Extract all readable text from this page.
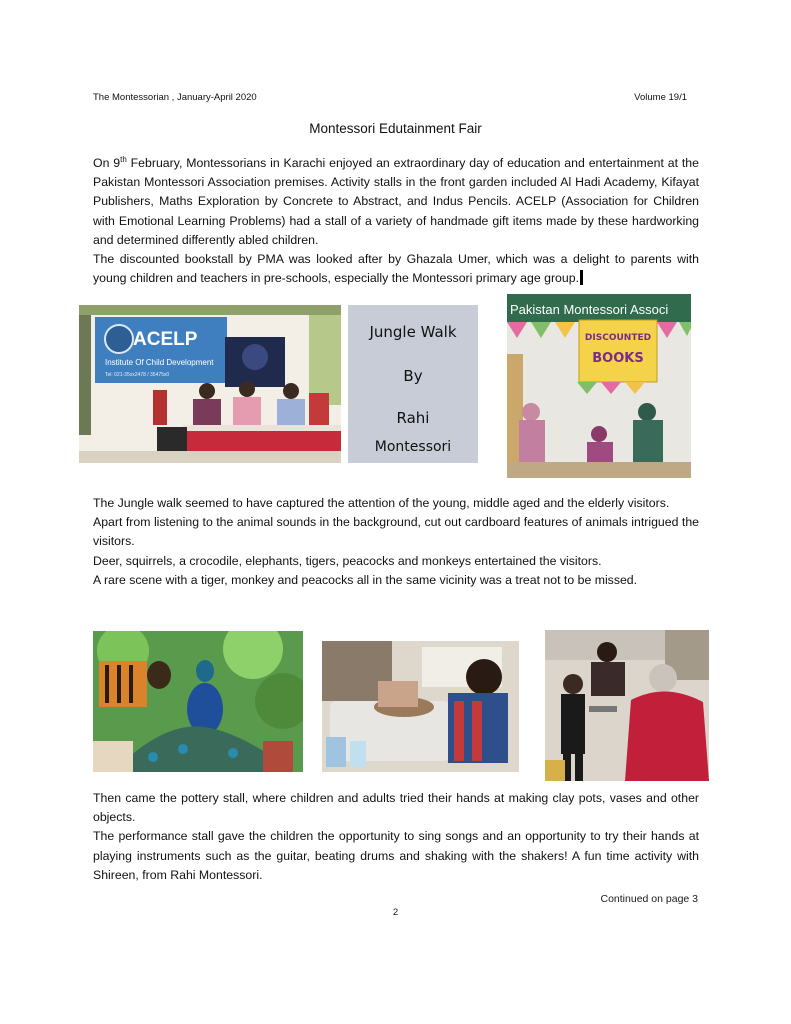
The Montessorian , January-April 2020	Volume 19/1
Montessori Edutainment Fair

On 9th February, Montessorians in Karachi enjoyed an extraordinary day of education and entertainment at the Pakistan Montessori Association premises. Activity stalls in the front garden included Al Hadi Academy, Kifayat Publishers, Maths Exploration by Concrete to Abstract, and Indus Pencils. ACELP (Association for Children with Emotional Learning Problems) had a stall of a variety of handmade gift items made by these hardworking and determined differently abled children.

The discounted bookstall by PMA was looked after by Ghazala Umer, which was a delight to parents with young children and teachers in pre-schools, especially the Montessori primary age group.

ACELP
Institute Of Child Development
Tel: 021-35xx2478 / 35475x0
Jungle Walk
By
Rahi
Montessori
Pakistan Montessori Associ
DISCOUNTED
BOOKS

The Jungle walk seemed to have captured the attention of the young, middle aged and the elderly visitors.

Apart from listening to the animal sounds in the background, cut out cardboard features of animals intrigued the visitors.

Deer, squirrels, a crocodile, elephants, tigers, peacocks and monkeys entertained the visitors.

A rare scene with a tiger, monkey and peacocks all in the same vicinity was a treat not to be missed.

Then came the pottery stall, where children and adults tried their hands at making clay pots, vases and other objects.

The performance stall gave the children the opportunity to sing songs and an opportunity to try their hands at playing instruments such as the guitar, beating drums and shaking with the shakers! A fun time activity with Shireen, from Rahi Montessori.

Continued on page 3
2
